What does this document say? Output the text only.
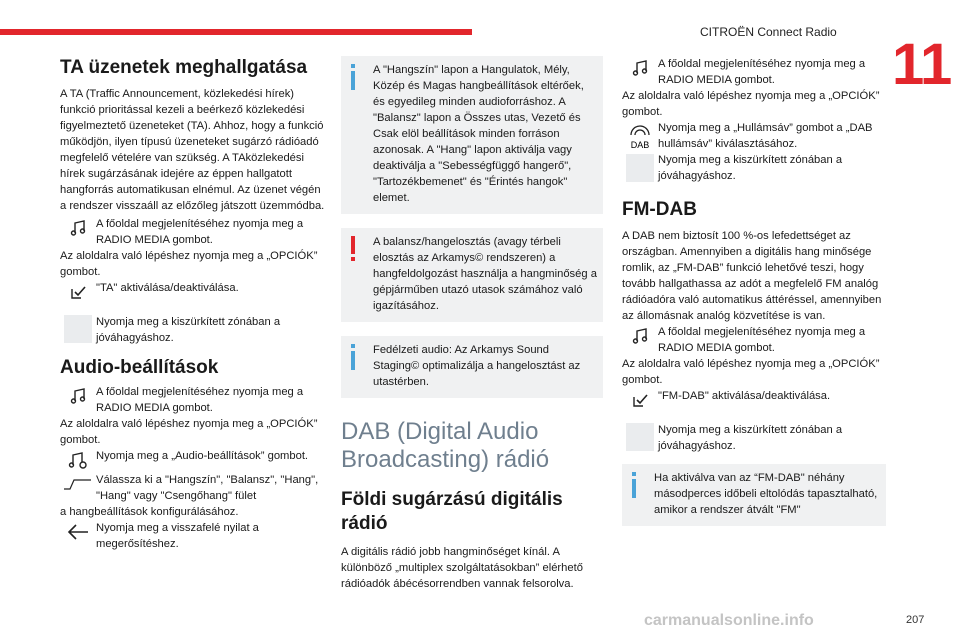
CITROËN Connect Radio 11
carmanualsonline.info	207
TA üzenetek meghallgatása

A TA (Traffic Announcement, közlekedési hírek) funkció prioritással kezeli a beérkező közlekedési figyelmeztető üzeneteket (TA). Ahhoz, hogy a funkció működjön, ilyen típusú üzeneteket sugárzó rádióadó megfelelő vételére van szükség. A TAközlekedési hírek sugárzásának idejére az éppen hallgatott hangforrás automatikusan elnémul. Az üzenet végén a rendszer visszaáll az előzőleg játszott üzemmódba.

A főoldal megjelenítéséhez nyomja meg a RADIO MEDIA gombot.

Az aloldalra való lépéshez nyomja meg a „OPCIÓK” gombot.

"TA" aktiválása/deaktiválása.
Nyomja meg a kiszürkített zónában a jóváhagyáshoz.
Audio-beállítások
A főoldal megjelenítéséhez nyomja meg a RADIO MEDIA gombot.

Az aloldalra való lépéshez nyomja meg a „OPCIÓK” gombot.

Nyomja meg a „Audio-beállítások” gombot.
Válassza ki a "Hangszín", "Balansz", "Hang", "Hang" vagy "Csengőhang" fület

a hangbeállítások konfigurálásához.

Nyomja meg a visszafelé nyilat a megerősítéshez.

A "Hangszín" lapon a Hangulatok, Mély, Közép és Magas hangbeállítások eltérőek, és egyedileg minden audioforráshoz. A "Balansz" lapon a Összes utas, Vezető és Csak elöl beállítások minden forráson azonosak. A "Hang" lapon aktiválja vagy deaktiválja a "Sebességfüggő hangerő", "Tartozékbemenet" és "Érintés hangok" elemet.

A balansz/hangelosztás (avagy térbeli elosztás az Arkamys© rendszeren) a hangfeldolgozást használja a hangminőség a gépjárműben utazó utasok számához való igazításához.

Fedélzeti audio: Az Arkamys Sound Staging© optimalizálja a hangelosztást az utastérben.

DAB (Digital Audio Broadcasting) rádió
Földi sugárzású digitális rádió

A digitális rádió jobb hangminőséget kínál. A különböző „multiplex szolgáltatásokban” elérhető rádióadók ábécésorrendben vannak felsorolva.

A főoldal megjelenítéséhez nyomja meg a RADIO MEDIA gombot.

Az aloldalra való lépéshez nyomja meg a „OPCIÓK” gombot.

DAB
Nyomja meg a „Hullámsáv” gombot a „DAB hullámsáv” kiválasztásához.
Nyomja meg a kiszürkített zónában a jóváhagyáshoz.
FM-DAB

A DAB nem biztosít 100 %-os lefedettséget az országban. Amennyiben a digitális hang minősége romlik, az „FM-DAB” funkció lehetővé teszi, hogy tovább hallgathassa az adót a megfelelő FM analóg rádióadóra való automatikus áttéréssel, amennyiben az állomásnak analóg közvetítése is van.

A főoldal megjelenítéséhez nyomja meg a RADIO MEDIA gombot.

Az aloldalra való lépéshez nyomja meg a „OPCIÓK” gombot.

"FM-DAB" aktiválása/deaktiválása.
Nyomja meg a kiszürkített zónában a jóváhagyáshoz.

Ha aktiválva van az “FM-DAB" néhány másodperces időbeli eltolódás tapasztalható, amikor a rendszer átvált "FM"
